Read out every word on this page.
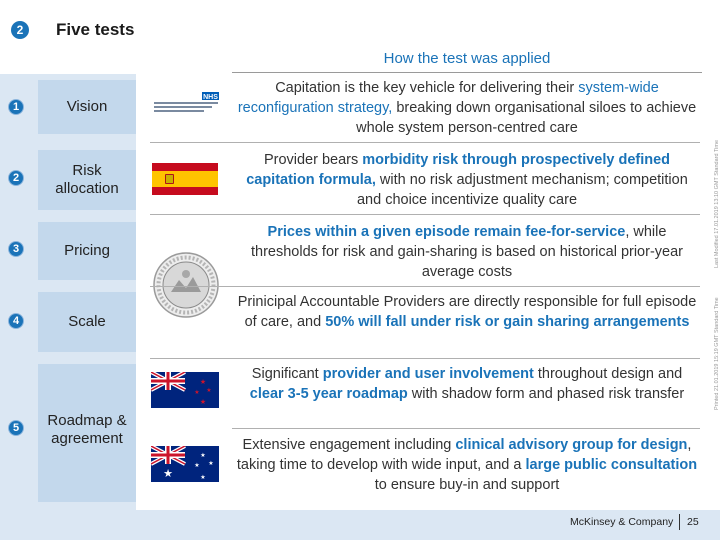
2	Five tests
How the test was applied
1
2
3
4
5
Vision
Risk allocation
Pricing
Scale
Roadmap & agreement
NHS
★
★
★
★
★
★
★
★
★
Capitation is the key vehicle for delivering their system-wide reconfiguration strategy, breaking down organisational siloes to achieve whole system person-centred care
Provider bears morbidity risk through prospectively defined capitation formula, with no risk adjustment mechanism; competition and choice incentivize quality care
Prices within a given episode remain fee-for-service, while thresholds for risk and gain-sharing is based on historical prior-year average costs
Prinicipal Accountable Providers are directly responsible for full episode of care, and 50% will fall under risk or gain sharing arrangements
Significant provider and user involvement throughout design and clear 3-5 year roadmap with shadow form and phased risk transfer
Extensive engagement including clinical advisory group for design, taking time to develop with wide input, and a large public consultation to ensure buy-in and support
Last Modified 17.01.2019 13:10 GMT Standard Time
Printed 21.01.2019 15:19 GMT Standard Time
McKinsey & Company 25
